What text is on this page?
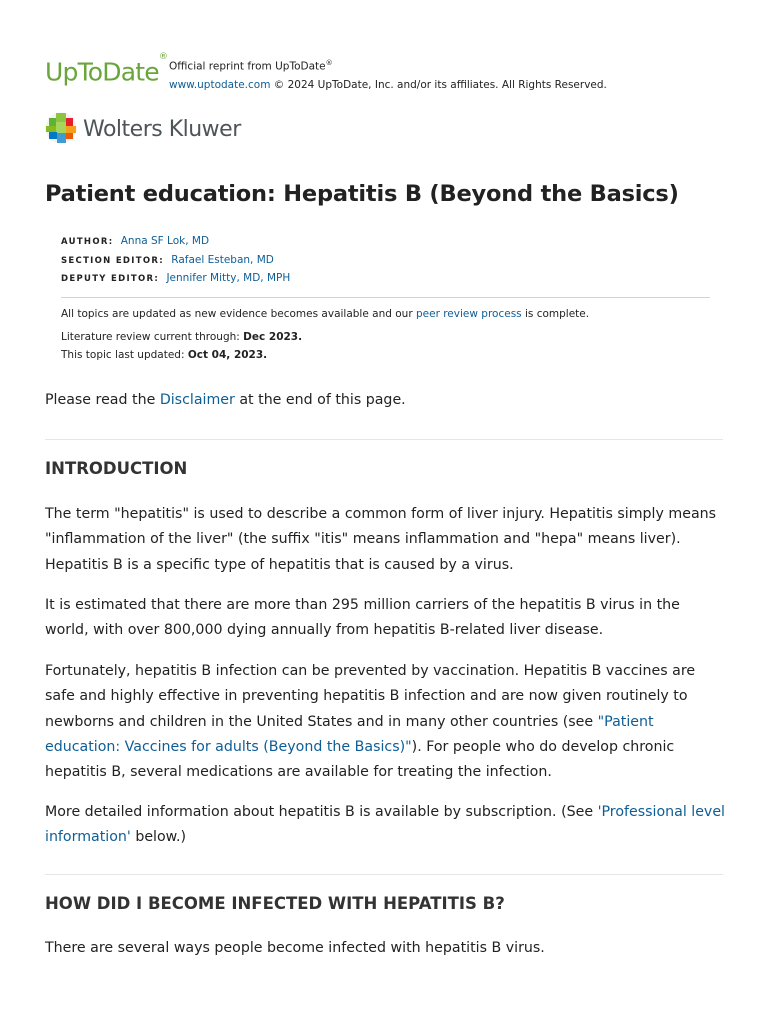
UpToDate®
Official reprint from UpToDate®
www.uptodate.com © 2024 UpToDate, Inc. and/or its affiliates. All Rights Reserved.
Wolters Kluwer
Patient education: Hepatitis B (Beyond the Basics)
AUTHOR: Anna SF Lok, MD
SECTION EDITOR: Rafael Esteban, MD
DEPUTY EDITOR: Jennifer Mitty, MD, MPH
All topics are updated as new evidence becomes available and our peer review process is complete.
Literature review current through: Dec 2023.
This topic last updated: Oct 04, 2023.

Please read the Disclaimer at the end of this page.

INTRODUCTION

The term "hepatitis" is used to describe a common form of liver injury. Hepatitis simply means "inflammation of the liver" (the suffix "itis" means inflammation and "hepa" means liver). Hepatitis B is a specific type of hepatitis that is caused by a virus.

It is estimated that there are more than 295 million carriers of the hepatitis B virus in the world, with over 800,000 dying annually from hepatitis B-related liver disease.

Fortunately, hepatitis B infection can be prevented by vaccination. Hepatitis B vaccines are safe and highly effective in preventing hepatitis B infection and are now given routinely to newborns and children in the United States and in many other countries (see "Patient education: Vaccines for adults (Beyond the Basics)"). For people who do develop chronic hepatitis B, several medications are available for treating the infection.

More detailed information about hepatitis B is available by subscription. (See 'Professional level information' below.)

HOW DID I BECOME INFECTED WITH HEPATITIS B?

There are several ways people become infected with hepatitis B virus.
